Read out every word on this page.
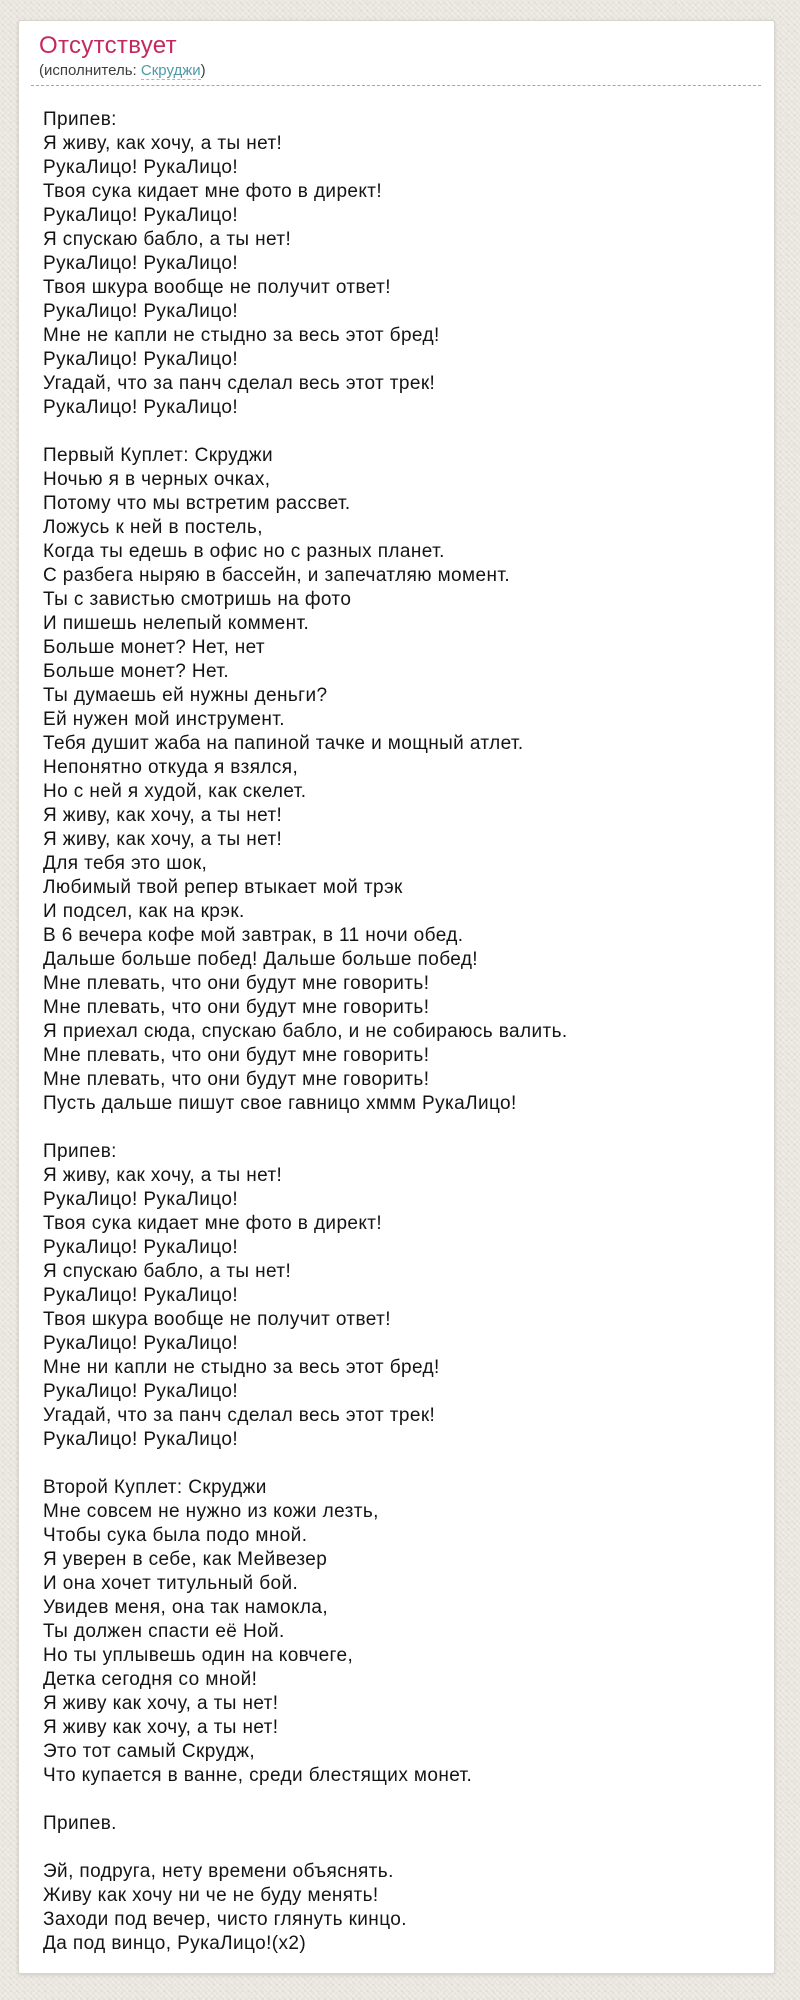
Отсутствует

(исполнитель: Скруджи)

Припев:
Я живу, как хочу, а ты нет!
РукаЛицо! РукаЛицо!
Твоя сука кидает мне фото в директ!
РукаЛицо! РукаЛицо!
Я спускаю бабло, а ты нет!
РукаЛицо! РукаЛицо!
Твоя шкура вообще не получит ответ!
РукаЛицо! РукаЛицо!
Мне не капли не стыдно за весь этот бред!
РукаЛицо! РукаЛицо!
Угадай, что за панч сделал весь этот трек!
РукаЛицо! РукаЛицо!

Первый Куплет: Скруджи
Ночью я в черных очках,
Потому что мы встретим рассвет.
Ложусь к ней в постель,
Когда ты едешь в офис но с разных планет.
С разбега ныряю в бассейн, и запечатляю момент.
Ты с завистью смотришь на фото
И пишешь нелепый коммент.
Больше монет? Нет, нет
Больше монет? Нет.
Ты думаешь ей нужны деньги?
Ей нужен мой инструмент.
Тебя душит жаба на папиной тачке и мощный атлет.
Непонятно откуда я взялся,
Но с ней я худой, как скелет.
Я живу, как хочу, а ты нет!
Я живу, как хочу, а ты нет!
Для тебя это шок,
Любимый твой репер втыкает мой трэк
И подсел, как на крэк.
В 6 вечера кофе мой завтрак, в 11 ночи обед.
Дальше больше побед! Дальше больше побед!
Мне плевать, что они будут мне говорить!
Мне плевать, что они будут мне говорить!
Я приехал сюда, спускаю бабло, и не собираюсь валить.
Мне плевать, что они будут мне говорить!
Мне плевать, что они будут мне говорить!
Пусть дальше пишут свое гавницо хммм РукаЛицо!

Припев:
Я живу, как хочу, а ты нет!
РукаЛицо! РукаЛицо!
Твоя сука кидает мне фото в директ!
РукаЛицо! РукаЛицо!
Я спускаю бабло, а ты нет!
РукаЛицо! РукаЛицо!
Твоя шкура вообще не получит ответ!
РукаЛицо! РукаЛицо!
Мне ни капли не стыдно за весь этот бред!
РукаЛицо! РукаЛицо!
Угадай, что за панч сделал весь этот трек!
РукаЛицо! РукаЛицо!

Второй Куплет: Скруджи
Мне совсем не нужно из кожи лезть,
Чтобы сука была подо мной.
Я уверен в себе, как Мейвезер
И она хочет титульный бой.
Увидев меня, она так намокла,
Ты должен спасти её Ной.
Но ты уплывешь один на ковчеге,
Детка сегодня со мной!
Я живу как хочу, а ты нет!
Я живу как хочу, а ты нет!
Это тот самый Скрудж,
Что купается в ванне, среди блестящих монет.

Припев.

Эй, подруга, нету времени объяснять.
Живу как хочу ни че не буду менять!
Заходи под вечер, чисто глянуть кинцо.
Да под винцо, РукаЛицо!(x2)
